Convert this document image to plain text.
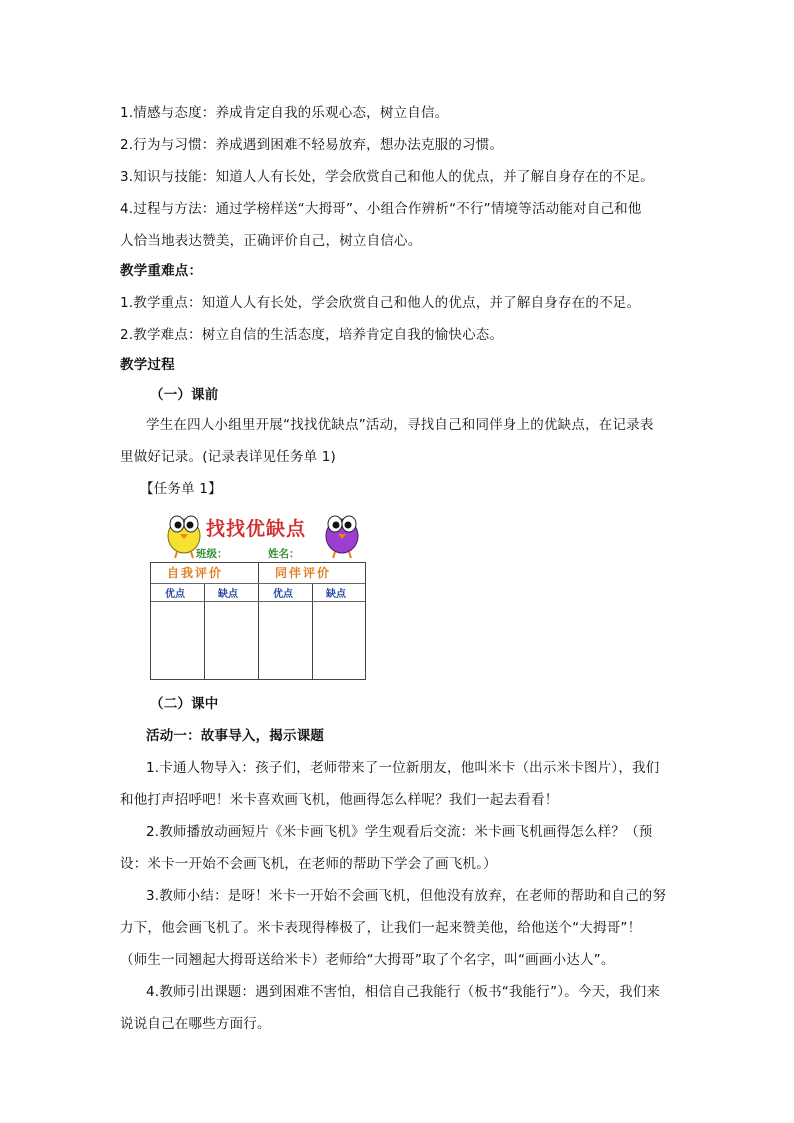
1.情感与态度：养成肯定自我的乐观心态，树立自信。
2.行为与习惯：养成遇到困难不轻易放弃，想办法克服的习惯。
3.知识与技能：知道人人有长处，学会欣赏自己和他人的优点，并了解自身存在的不足。
4.过程与方法：通过学榜样送“大拇哥”、小组合作辨析“不行”情境等活动能对自己和他
人恰当地表达赞美，正确评价自己，树立自信心。
教学重难点：
1.教学重点：知道人人有长处，学会欣赏自己和他人的优点，并了解自身存在的不足。
2.教学难点：树立自信的生活态度，培养肯定自我的愉快心态。
教学过程
（一）课前
学生在四人小组里开展“找找优缺点”活动，寻找自己和同伴身上的优缺点，在记录表
里做好记录。(记录表详见任务单 1)
【任务单 1】
找找优缺点
班级：	姓名：
自我评价	同伴评价
优点	缺点	优点	缺点
（二）课中
活动一：故事导入，揭示课题
1.卡通人物导入：孩子们，老师带来了一位新朋友，他叫米卡（出示米卡图片），我们
和他打声招呼吧！米卡喜欢画飞机，他画得怎么样呢？我们一起去看看！
2.教师播放动画短片《米卡画飞机》学生观看后交流：米卡画飞机画得怎么样？（预
设：米卡一开始不会画飞机，在老师的帮助下学会了画飞机。）
3.教师小结：是呀！米卡一开始不会画飞机，但他没有放弃，在老师的帮助和自己的努
力下，他会画飞机了。米卡表现得棒极了，让我们一起来赞美他，给他送个“大拇哥”！
（师生一同翘起大拇哥送给米卡）老师给“大拇哥”取了个名字，叫“画画小达人”。
4.教师引出课题：遇到困难不害怕，相信自己我能行（板书“我能行”）。今天，我们来
说说自己在哪些方面行。
